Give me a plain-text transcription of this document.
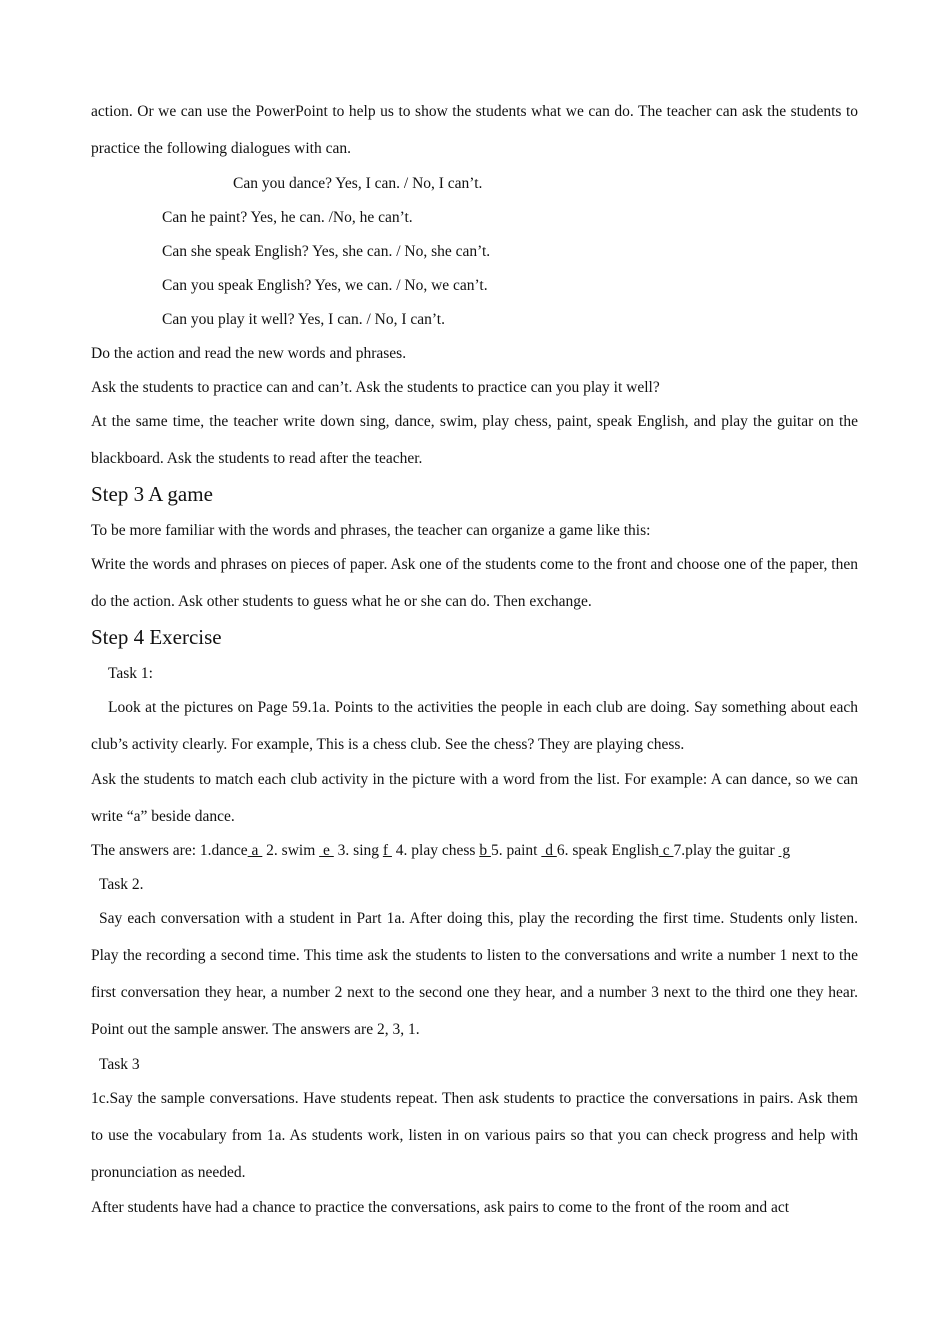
action. Or we can use the PowerPoint to help us to show the students what we can do. The teacher can ask the students to practice the following dialogues with can.

Can you dance? Yes, I can. / No, I can’t.

Can he paint? Yes, he can. /No, he can’t.

Can she speak English? Yes, she can. / No, she can’t.

Can you speak English? Yes, we can. / No, we can’t.

Can you play it well? Yes, I can. / No, I can’t.

Do the action and read the new words and phrases.

Ask the students to practice can and can’t. Ask the students to practice can you play it well?

At the same time, the teacher write down sing, dance, swim, play chess, paint, speak English, and play the guitar on the blackboard. Ask the students to read after the teacher.

Step 3 A game

To be more familiar with the words and phrases, the teacher can organize a game like this:

Write the words and phrases on pieces of paper. Ask one of the students come to the front and choose one of the paper, then do the action. Ask other students to guess what he or she can do. Then exchange.

Step 4 Exercise

Task 1:

Look at the pictures on Page 59.1a. Points to the activities the people in each club are doing. Say something about each club’s activity clearly. For example, This is a chess club. See the chess? They are playing chess.

Ask the students to match each club activity in the picture with a word from the list. For example: A can dance, so we can write “a” beside dance.

The answers are: 1.dance a  2. swim  e  3. sing f  4. play chess b 5. paint  d 6. speak English c 7.play the guitar  g

Task 2.

Say each conversation with a student in Part 1a. After doing this, play the recording the first time. Students only listen. Play the recording a second time. This time ask the students to listen to the conversations and write a number 1 next to the first conversation they hear, a number 2 next to the second one they hear, and a number 3 next to the third one they hear. Point out the sample answer. The answers are 2, 3, 1.

Task 3

1c.Say the sample conversations. Have students repeat. Then ask students to practice the conversations in pairs. Ask them to use the vocabulary from 1a. As students work, listen in on various pairs so that you can check progress and help with pronunciation as needed.

After students have had a chance to practice the conversations, ask pairs to come to the front of the room and act
